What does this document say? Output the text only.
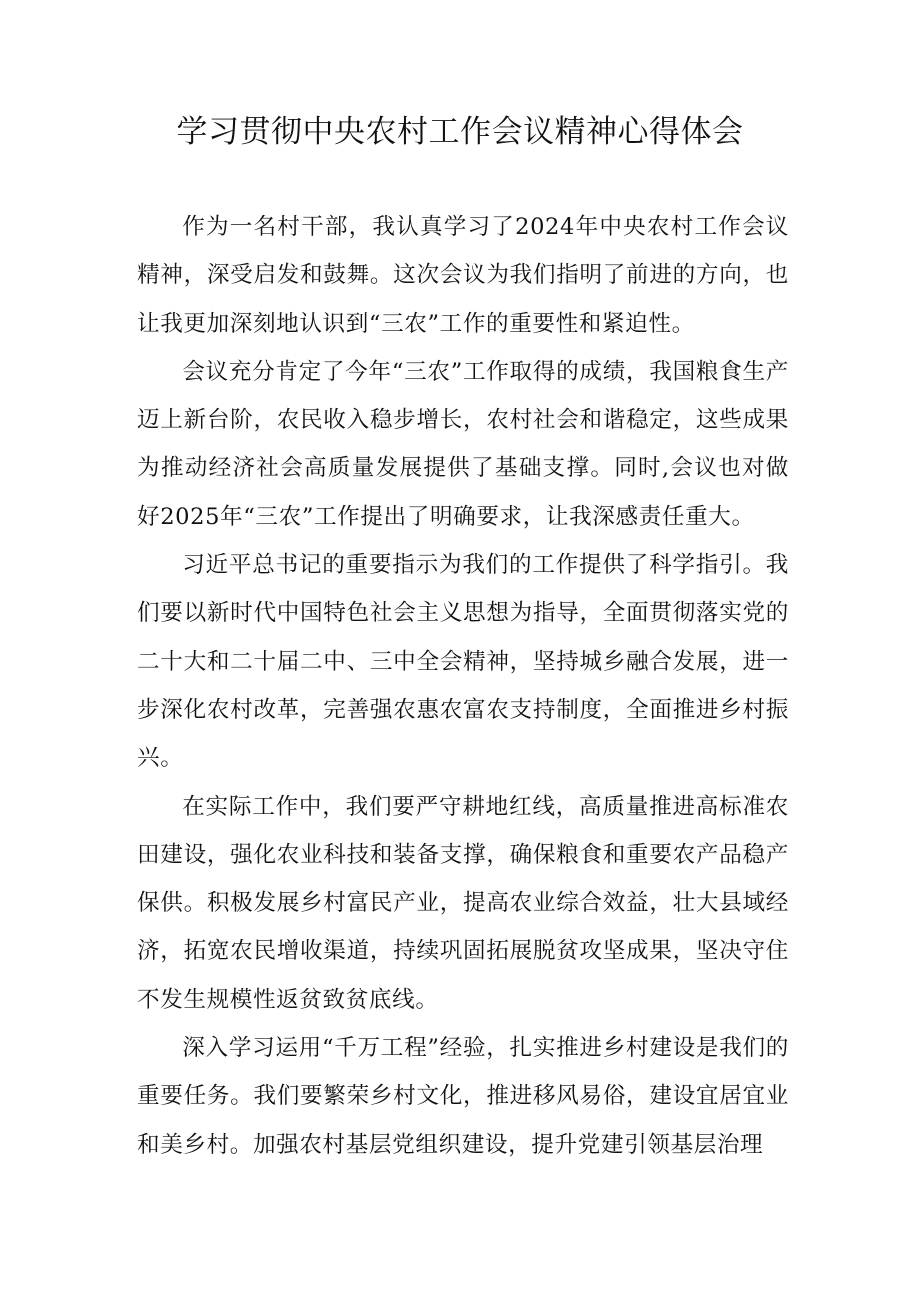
学习贯彻中央农村工作会议精神心得体会

作为一名村干部，我认真学习了2024年中央农村工作会议精神，深受启发和鼓舞。这次会议为我们指明了前进的方向，也让我更加深刻地认识到“三农”工作的重要性和紧迫性。

会议充分肯定了今年“三农”工作取得的成绩，我国粮食生产迈上新台阶，农民收入稳步增长，农村社会和谐稳定，这些成果为推动经济社会高质量发展提供了基础支撑。同时,会议也对做好2025年“三农”工作提出了明确要求，让我深感责任重大。

习近平总书记的重要指示为我们的工作提供了科学指引。我们要以新时代中国特色社会主义思想为指导，全面贯彻落实党的二十大和二十届二中、三中全会精神，坚持城乡融合发展，进一步深化农村改革，完善强农惠农富农支持制度，全面推进乡村振兴。

在实际工作中，我们要严守耕地红线，高质量推进高标准农田建设，强化农业科技和装备支撑，确保粮食和重要农产品稳产保供。积极发展乡村富民产业，提高农业综合效益，壮大县域经济，拓宽农民增收渠道，持续巩固拓展脱贫攻坚成果，坚决守住不发生规模性返贫致贫底线。

深入学习运用“千万工程”经验，扎实推进乡村建设是我们的重要任务。我们要繁荣乡村文化，推进移风易俗，建设宜居宜业和美乡村。加强农村基层党组织建设，提升党建引领基层治理
